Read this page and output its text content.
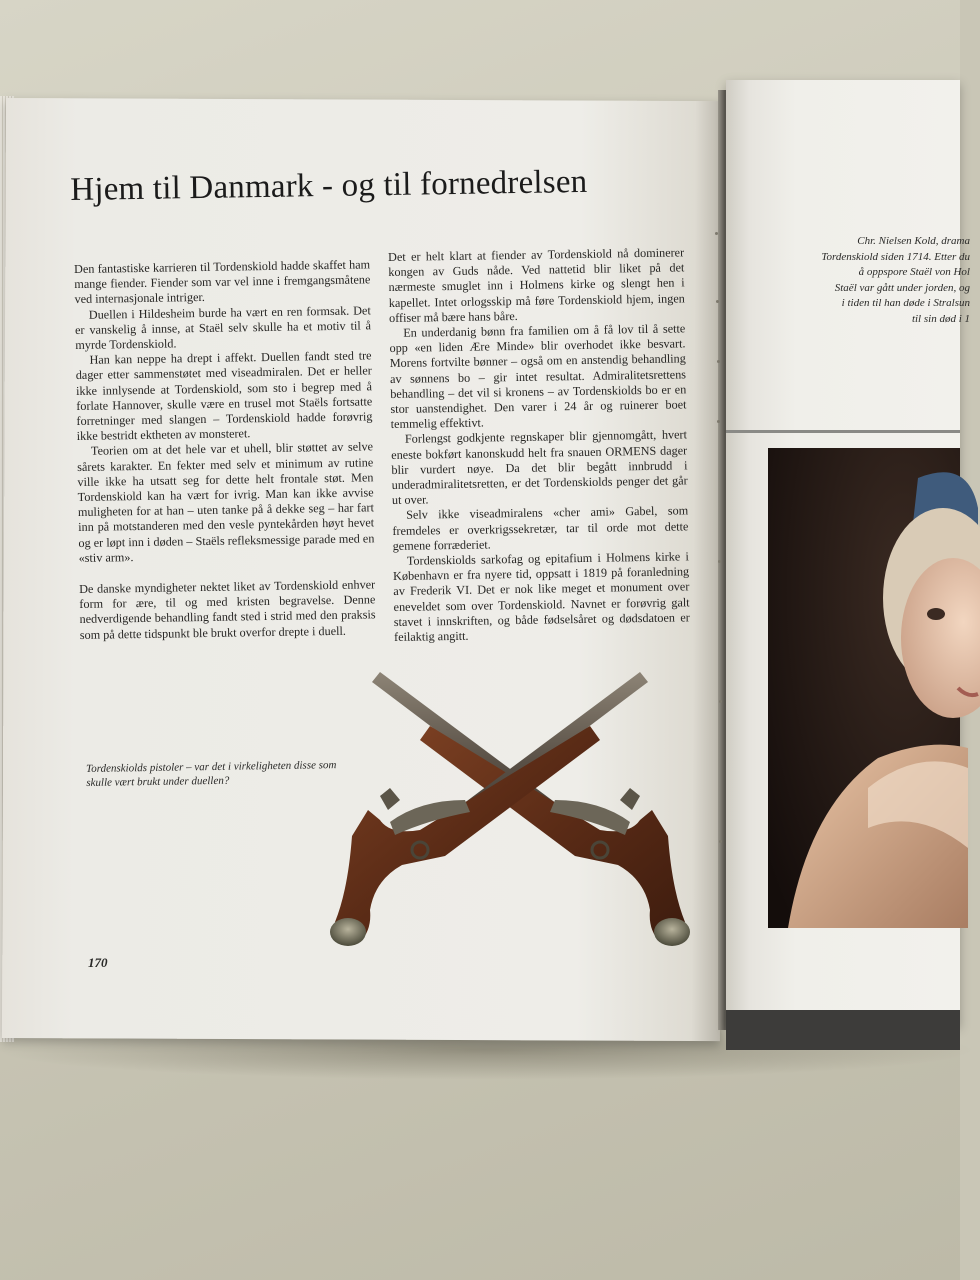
Hjem til Danmark - og til fornedrelsen

Den fantastiske karrieren til Tordenskiold hadde skaffet ham mange fiender. Fiender som var vel inne i fremgangsmåtene ved internasjonale intriger.

Duellen i Hildesheim burde ha vært en ren formsak. Det er vanskelig å innse, at Staël selv skulle ha et motiv til å myrde Tordenskiold.

Han kan neppe ha drept i affekt. Duellen fandt sted tre dager etter sammenstøtet med viseadmiralen. Det er heller ikke innlysende at Tordenskiold, som sto i begrep med å forlate Hannover, skulle være en trusel mot Staëls fortsatte forretninger med slangen – Tordenskiold hadde forøvrig ikke bestridt ektheten av monsteret.

Teorien om at det hele var et uhell, blir støttet av selve sårets karakter. En fekter med selv et minimum av rutine ville ikke ha utsatt seg for dette helt frontale støt. Men Tordenskiold kan ha vært for ivrig. Man kan ikke avvise muligheten for at han – uten tanke på å dekke seg – har fart inn på motstanderen med den vesle pyntekården høyt hevet og er løpt inn i døden – Staëls refleksmessige parade med en «stiv arm».

De danske myndigheter nektet liket av Tordenskiold enhver form for ære, til og med kristen begravelse. Denne nedverdigende behandling fandt sted i strid med den praksis som på dette tidspunkt ble brukt overfor drepte i duell.

Det er helt klart at fiender av Tordenskiold nå dominerer kongen av Guds nåde. Ved nattetid blir liket på det nærmeste smuglet inn i Holmens kirke og slengt hen i kapellet. Intet orlogsskip må føre Tordenskiold hjem, ingen offiser må bære hans båre.

En underdanig bønn fra familien om å få lov til å sette opp «en liden Ære Minde» blir overhodet ikke besvart. Morens fortvilte bønner – også om en anstendig behandling av sønnens bo – gir intet resultat. Admiralitetsrettens behandling – det vil si kronens – av Tordenskiolds bo er en stor uanstendighet. Den varer i 24 år og ruinerer boet temmelig effektivt.

Forlengst godkjente regnskaper blir gjennomgått, hvert eneste bokført kanonskudd helt fra snauen ORMENS dager blir vurdert nøye. Da det blir begått innbrudd i underadmiralitetsretten, er det Tordenskiolds penger det går ut over.

Selv ikke viseadmiralens «cher ami» Gabel, som fremdeles er overkrigssekretær, tar til orde mot dette gemene forræderiet.

Tordenskiolds sarkofag og epitafium i Holmens kirke i København er fra nyere tid, oppsatt i 1819 på foranledning av Frederik VI. Det er nok like meget et monument over eneveldet som over Tordenskiold. Navnet er forøvrig galt stavet i innskriften, og både fødselsåret og dødsdatoen er feilaktig angitt.

Tordenskiolds pistoler – var det i virkeligheten disse som skulle vært brukt under duellen?
170
Chr. Nielsen Kold, drama
Tordenskiold siden 1714. Etter du
å oppspore Staël von Hol
Staël var gått under jorden, og
i tiden til han døde i Stralsun
til sin død i 1
